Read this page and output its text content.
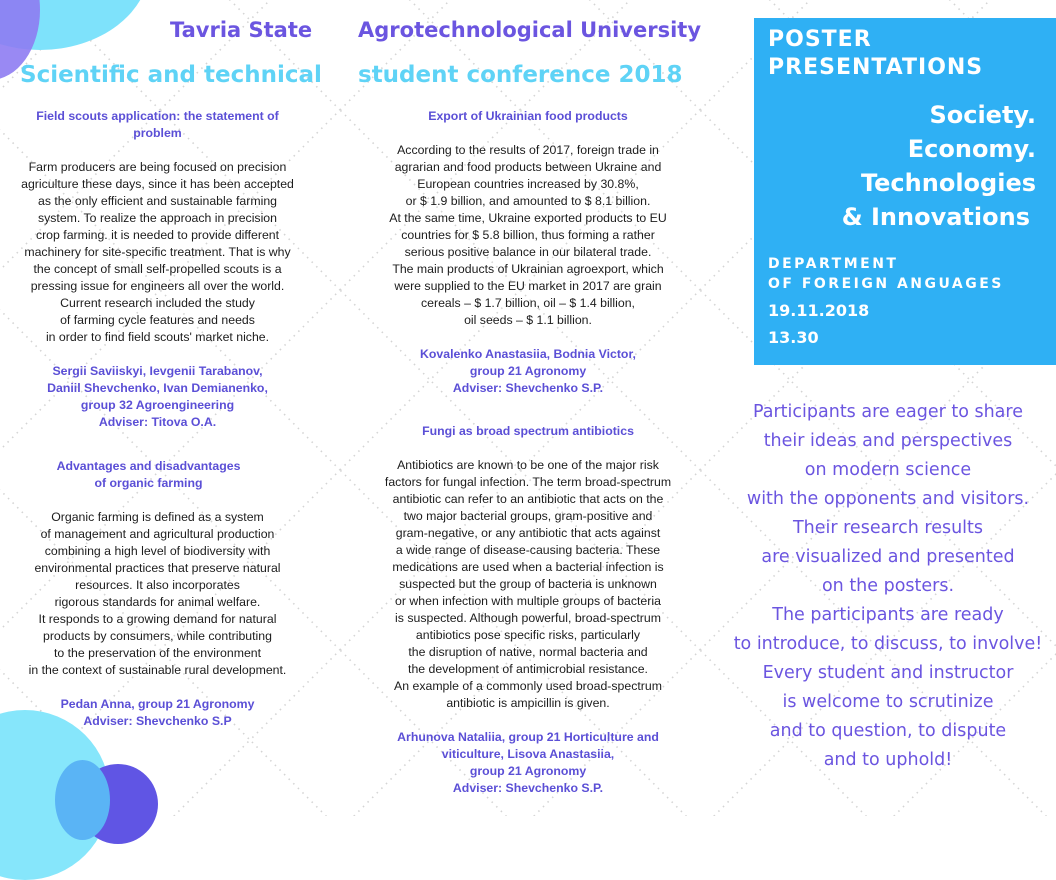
Tavria State Agrotechnological University
Scientific and technical student conference 2018
Field scouts application: the statement of
problem
Farm producers are being focused on precision
agriculture these days, since it has been accepted
as the only efficient and sustainable farming
system. To realize the approach in precision
crop farming. it is needed to provide different
machinery for site-specific treatment. That is why
the concept of small self-propelled scouts is a
pressing issue for engineers all over the world.
Current research included the study
of farming cycle features and needs
in order to find field scouts' market niche.
Sergii Saviiskyi, Ievgenii Tarabanov,
Daniil Shevchenko, Ivan Demianenko,
group 32 Agroengineering
Adviser: Titova O.A.
Advantages and disadvantages
of organic farming
Organic farming is defined as a system
of management and agricultural production
combining a high level of biodiversity with
environmental practices that preserve natural
resources. It also incorporates
rigorous standards for animal welfare.
It responds to a growing demand for natural
products by consumers, while contributing
to the preservation of the environment
in the context of sustainable rural development.
Pedan Anna, group 21 Agronomy
Adviser: Shevchenko S.P
Export of Ukrainian food products
According to the results of 2017, foreign trade in
agrarian and food products between Ukraine and
European countries increased by 30.8%,
or $ 1.9 billion, and amounted to $ 8.1 billion.
At the same time, Ukraine exported products to EU
countries for $ 5.8 billion, thus forming a rather
serious positive balance in our bilateral trade.
The main products of Ukrainian agroexport, which
were supplied to the EU market in 2017 are grain
cereals – $ 1.7 billion, oil – $ 1.4 billion,
oil seeds – $ 1.1 billion.
Kovalenko Anastasiia, Bodnia Victor,
group 21 Agronomy
Adviser: Shevchenko S.P.
Fungi as broad spectrum antibiotics
Antibiotics are known to be one of the major risk
factors for fungal infection. The term broad-spectrum
antibiotic can refer to an antibiotic that acts on the
two major bacterial groups, gram-positive and
gram-negative, or any antibiotic that acts against
a wide range of disease-causing bacteria. These
medications are used when a bacterial infection is
suspected but the group of bacteria is unknown
or when infection with multiple groups of bacteria
is suspected. Although powerful, broad-spectrum
antibiotics pose specific risks, particularly
the disruption of native, normal bacteria and
the development of antimicrobial resistance.
An example of a commonly used broad-spectrum
antibiotic is ampicillin is given.
Arhunova Nataliia, group 21 Horticulture and
viticulture, Lisova Anastasiia,
group 21 Agronomy
Adviser: Shevchenko S.P.
POSTER
PRESENTATIONS
Society.
Economy.
Technologies
& Innovations
DEPARTMENT
OF FOREIGN ANGUAGES
19.11.2018
13.30
Participants are eager to share
their ideas and perspectives
on modern science
with the opponents and visitors.
Their research results
are visualized and presented
on the posters.
The participants are ready
to introduce, to discuss, to involve!
Every student and instructor
is welcome to scrutinize
and to question, to dispute
and to uphold!
